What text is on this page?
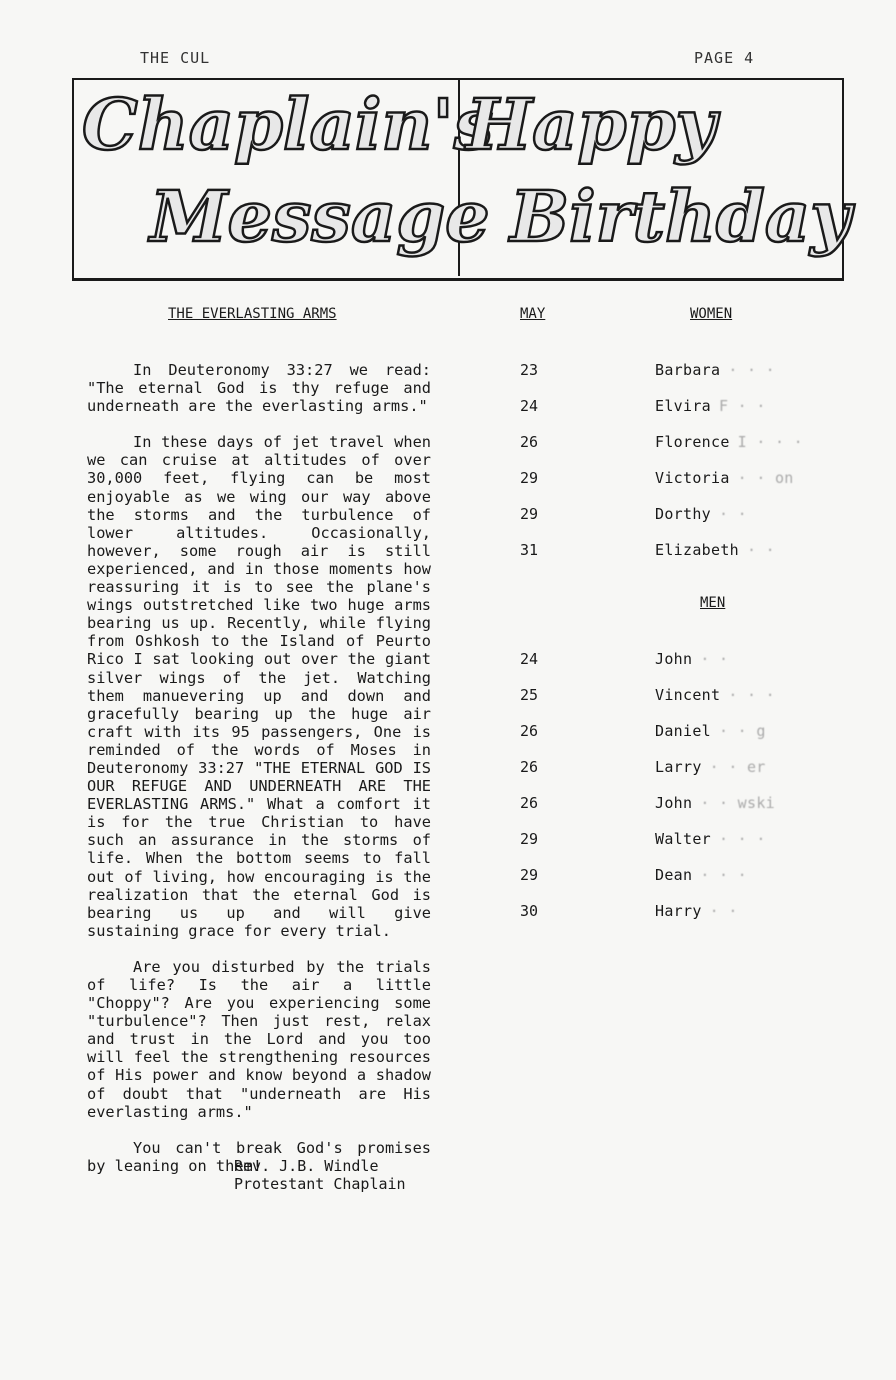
THE CUL	PAGE 4
Chaplain's
Message
Happy
Birthday
THE EVERLASTING ARMS

In Deuteronomy 33:27 we read: "The eternal God is thy refuge and underneath are the everlasting arms."

In these days of jet travel when we can cruise at altitudes of over 30,000 feet, flying can be most enjoyable as we wing our way above the storms and the turbulence of lower altitudes. Occasionally, however, some rough air is still experienced, and in those moments how reassuring it is to see the plane's wings outstretched like two huge arms bearing us up. Recently, while flying from Oshkosh to the Island of Peurto Rico I sat looking out over the giant silver wings of the jet. Watching them manuevering up and down and gracefully bearing up the huge air craft with its 95 passengers, One is reminded of the words of Moses in Deuteronomy 33:27 "THE ETERNAL GOD IS OUR REFUGE AND UNDERNEATH ARE THE EVERLASTING ARMS." What a comfort it is for the true Christian to have such an assurance in the storms of life. When the bottom seems to fall out of living, how encouraging is the realization that the eternal God is bearing us up and will give sustaining grace for every trial.

Are you disturbed by the trials of life? Is the air a little "Choppy"? Are you experiencing some "turbulence"? Then just rest, relax and trust in the Lord and you too will feel the strengthening resources of His power and know beyond a shadow of doubt that "underneath are His everlasting arms."

You can't break God's promises by leaning on them!

Rev. J.B. Windle
Protestant Chaplain
MAY	WOMEN
MEN
23	Barbara · · ·
24	Elvira F · ·
26	Florence I · · ·
29	Victoria · · on
29	Dorthy · ·
31	Elizabeth · ·
24	John · ·
25	Vincent · · ·
26	Daniel · · g
26	Larry · · er
26	John · · wski
29	Walter · · ·
29	Dean · · ·
30	Harry · ·
